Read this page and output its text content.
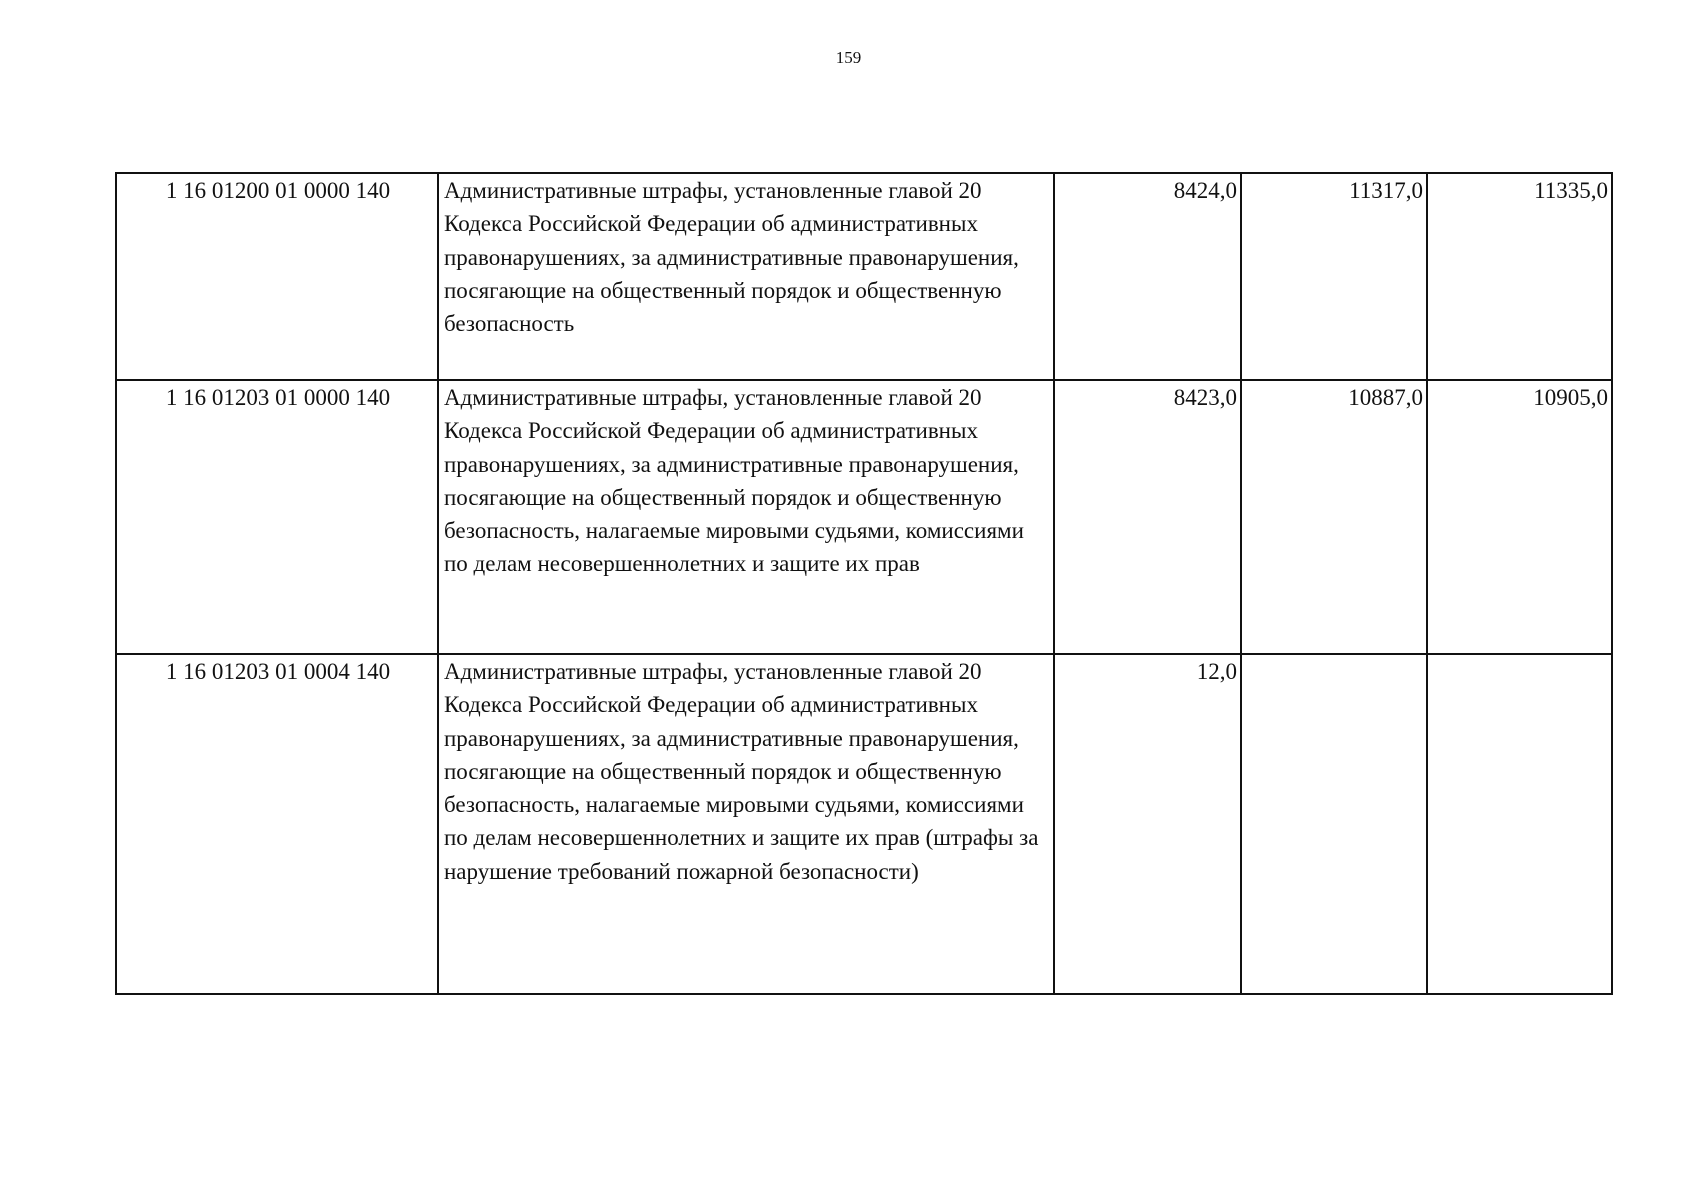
159
1 16 01200 01 0000 140	Административные штрафы, установленные главой 20 Кодекса Российской Федерации об административных правонарушениях, за административные правонарушения, посягающие на общественный порядок и общественную безопасность	8424,0	11317,0	11335,0
1 16 01203 01 0000 140	Административные штрафы, установленные главой 20 Кодекса Российской Федерации об административных правонарушениях, за административные правонарушения, посягающие на общественный порядок и общественную безопасность, налагаемые мировыми судьями, комиссиями по делам несовершеннолетних и защите их прав	8423,0	10887,0	10905,0
1 16 01203 01 0004 140	Административные штрафы, установленные главой 20 Кодекса Российской Федерации об административных правонарушениях, за административные правонарушения, посягающие на общественный порядок и общественную безопасность, налагаемые мировыми судьями, комиссиями по делам несовершеннолетних и защите их прав (штрафы за нарушение требований пожарной безопасности)	12,0		
